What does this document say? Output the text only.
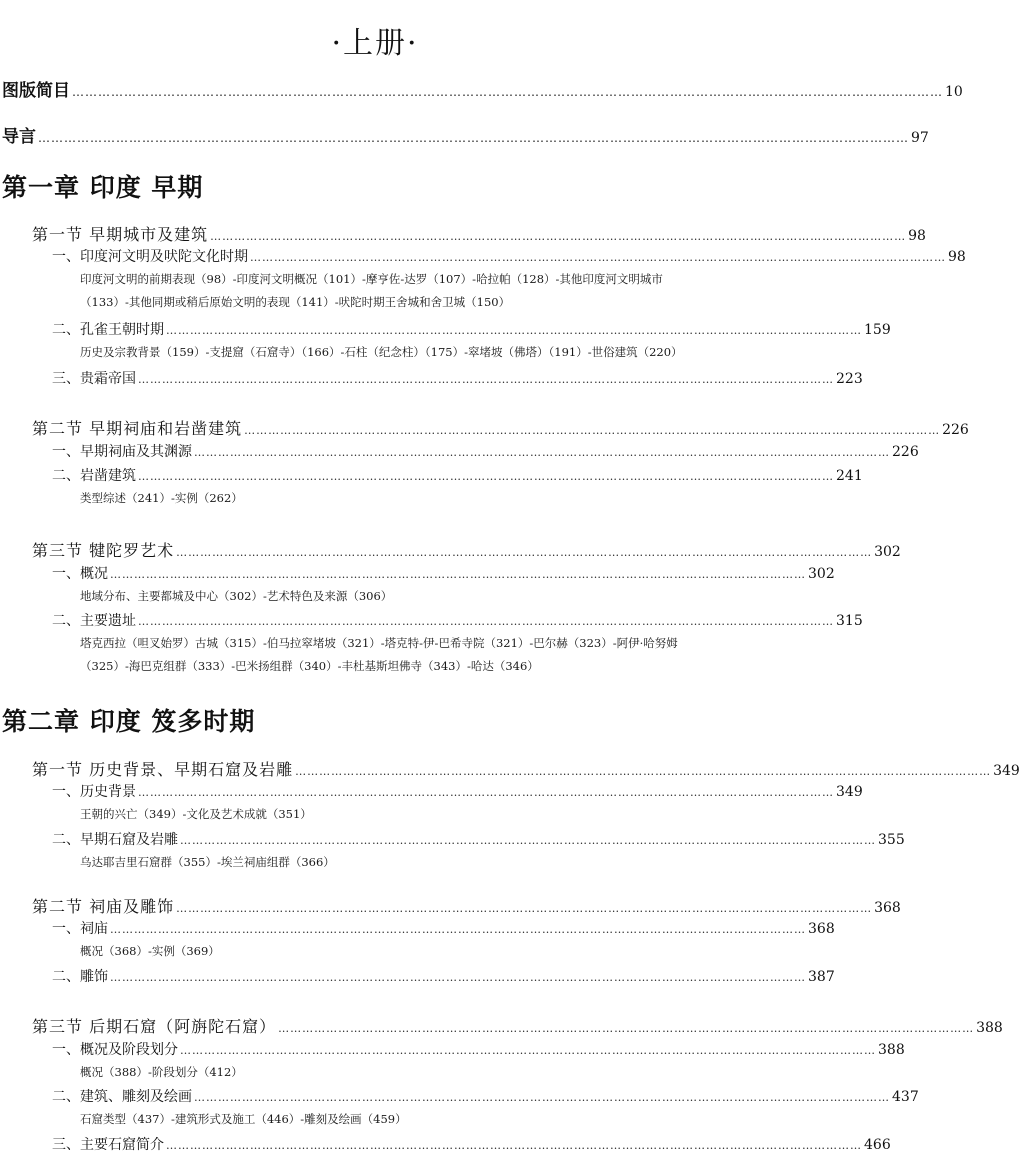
·上册·
图版简目 ………………………………………………………………………………………………………………………………………………………………………………… 10
导言 ………………………………………………………………………………………………………………………………………………………………………………… 97
第一章 印度 早期
第一节 早期城市及建筑 ………………………………………………………………………………………………………………………………………………………… 98
一、印度河文明及吠陀文化时期 ………………………………………………………………………………………………………………………………………………………… 98
印度河文明的前期表现（98）-印度河文明概况（101）-摩亨佐-达罗（107）-哈拉帕（128）-其他印度河文明城市
（133）-其他同期或稍后原始文明的表现（141）-吠陀时期王舍城和舍卫城（150）
二、孔雀王朝时期 ………………………………………………………………………………………………………………………………………………………… 159
历史及宗教背景（159）-支提窟（石窟寺）（166）-石柱（纪念柱）（175）-窣堵坡（佛塔）（191）-世俗建筑（220）
三、贵霜帝国 ………………………………………………………………………………………………………………………………………………………… 223
第二节 早期祠庙和岩凿建筑 ………………………………………………………………………………………………………………………………………………………… 226
一、早期祠庙及其渊源 ………………………………………………………………………………………………………………………………………………………… 226
二、岩凿建筑 ………………………………………………………………………………………………………………………………………………………… 241
类型综述（241）-实例（262）
第三节 犍陀罗艺术 ………………………………………………………………………………………………………………………………………………………… 302
一、概况 ………………………………………………………………………………………………………………………………………………………… 302
地域分布、主要都城及中心（302）-艺术特色及来源（306）
二、主要遗址 ………………………………………………………………………………………………………………………………………………………… 315
塔克西拉（呾叉始罗）古城（315）-伯马拉窣堵坡（321）-塔克特-伊-巴希寺院（321）-巴尔赫（323）-阿伊·哈努姆
（325）-海巴克组群（333）-巴米扬组群（340）-丰杜基斯坦佛寺（343）-哈达（346）
第二章 印度 笈多时期
第一节 历史背景、早期石窟及岩雕 ………………………………………………………………………………………………………………………………………………………… 349
一、历史背景 ………………………………………………………………………………………………………………………………………………………… 349
王朝的兴亡（349）-文化及艺术成就（351）
二、早期石窟及岩雕 ………………………………………………………………………………………………………………………………………………………… 355
乌达耶吉里石窟群（355）-埃兰祠庙组群（366）
第二节 祠庙及雕饰 ………………………………………………………………………………………………………………………………………………………… 368
一、祠庙 ………………………………………………………………………………………………………………………………………………………… 368
概况（368）-实例（369）
二、雕饰 ………………………………………………………………………………………………………………………………………………………… 387
第三节 后期石窟（阿旃陀石窟） ………………………………………………………………………………………………………………………………………………………… 388
一、概况及阶段划分 ………………………………………………………………………………………………………………………………………………………… 388
概况（388）-阶段划分（412）
二、建筑、雕刻及绘画 ………………………………………………………………………………………………………………………………………………………… 437
石窟类型（437）-建筑形式及施工（446）-雕刻及绘画（459）
三、主要石窟简介 ………………………………………………………………………………………………………………………………………………………… 466
